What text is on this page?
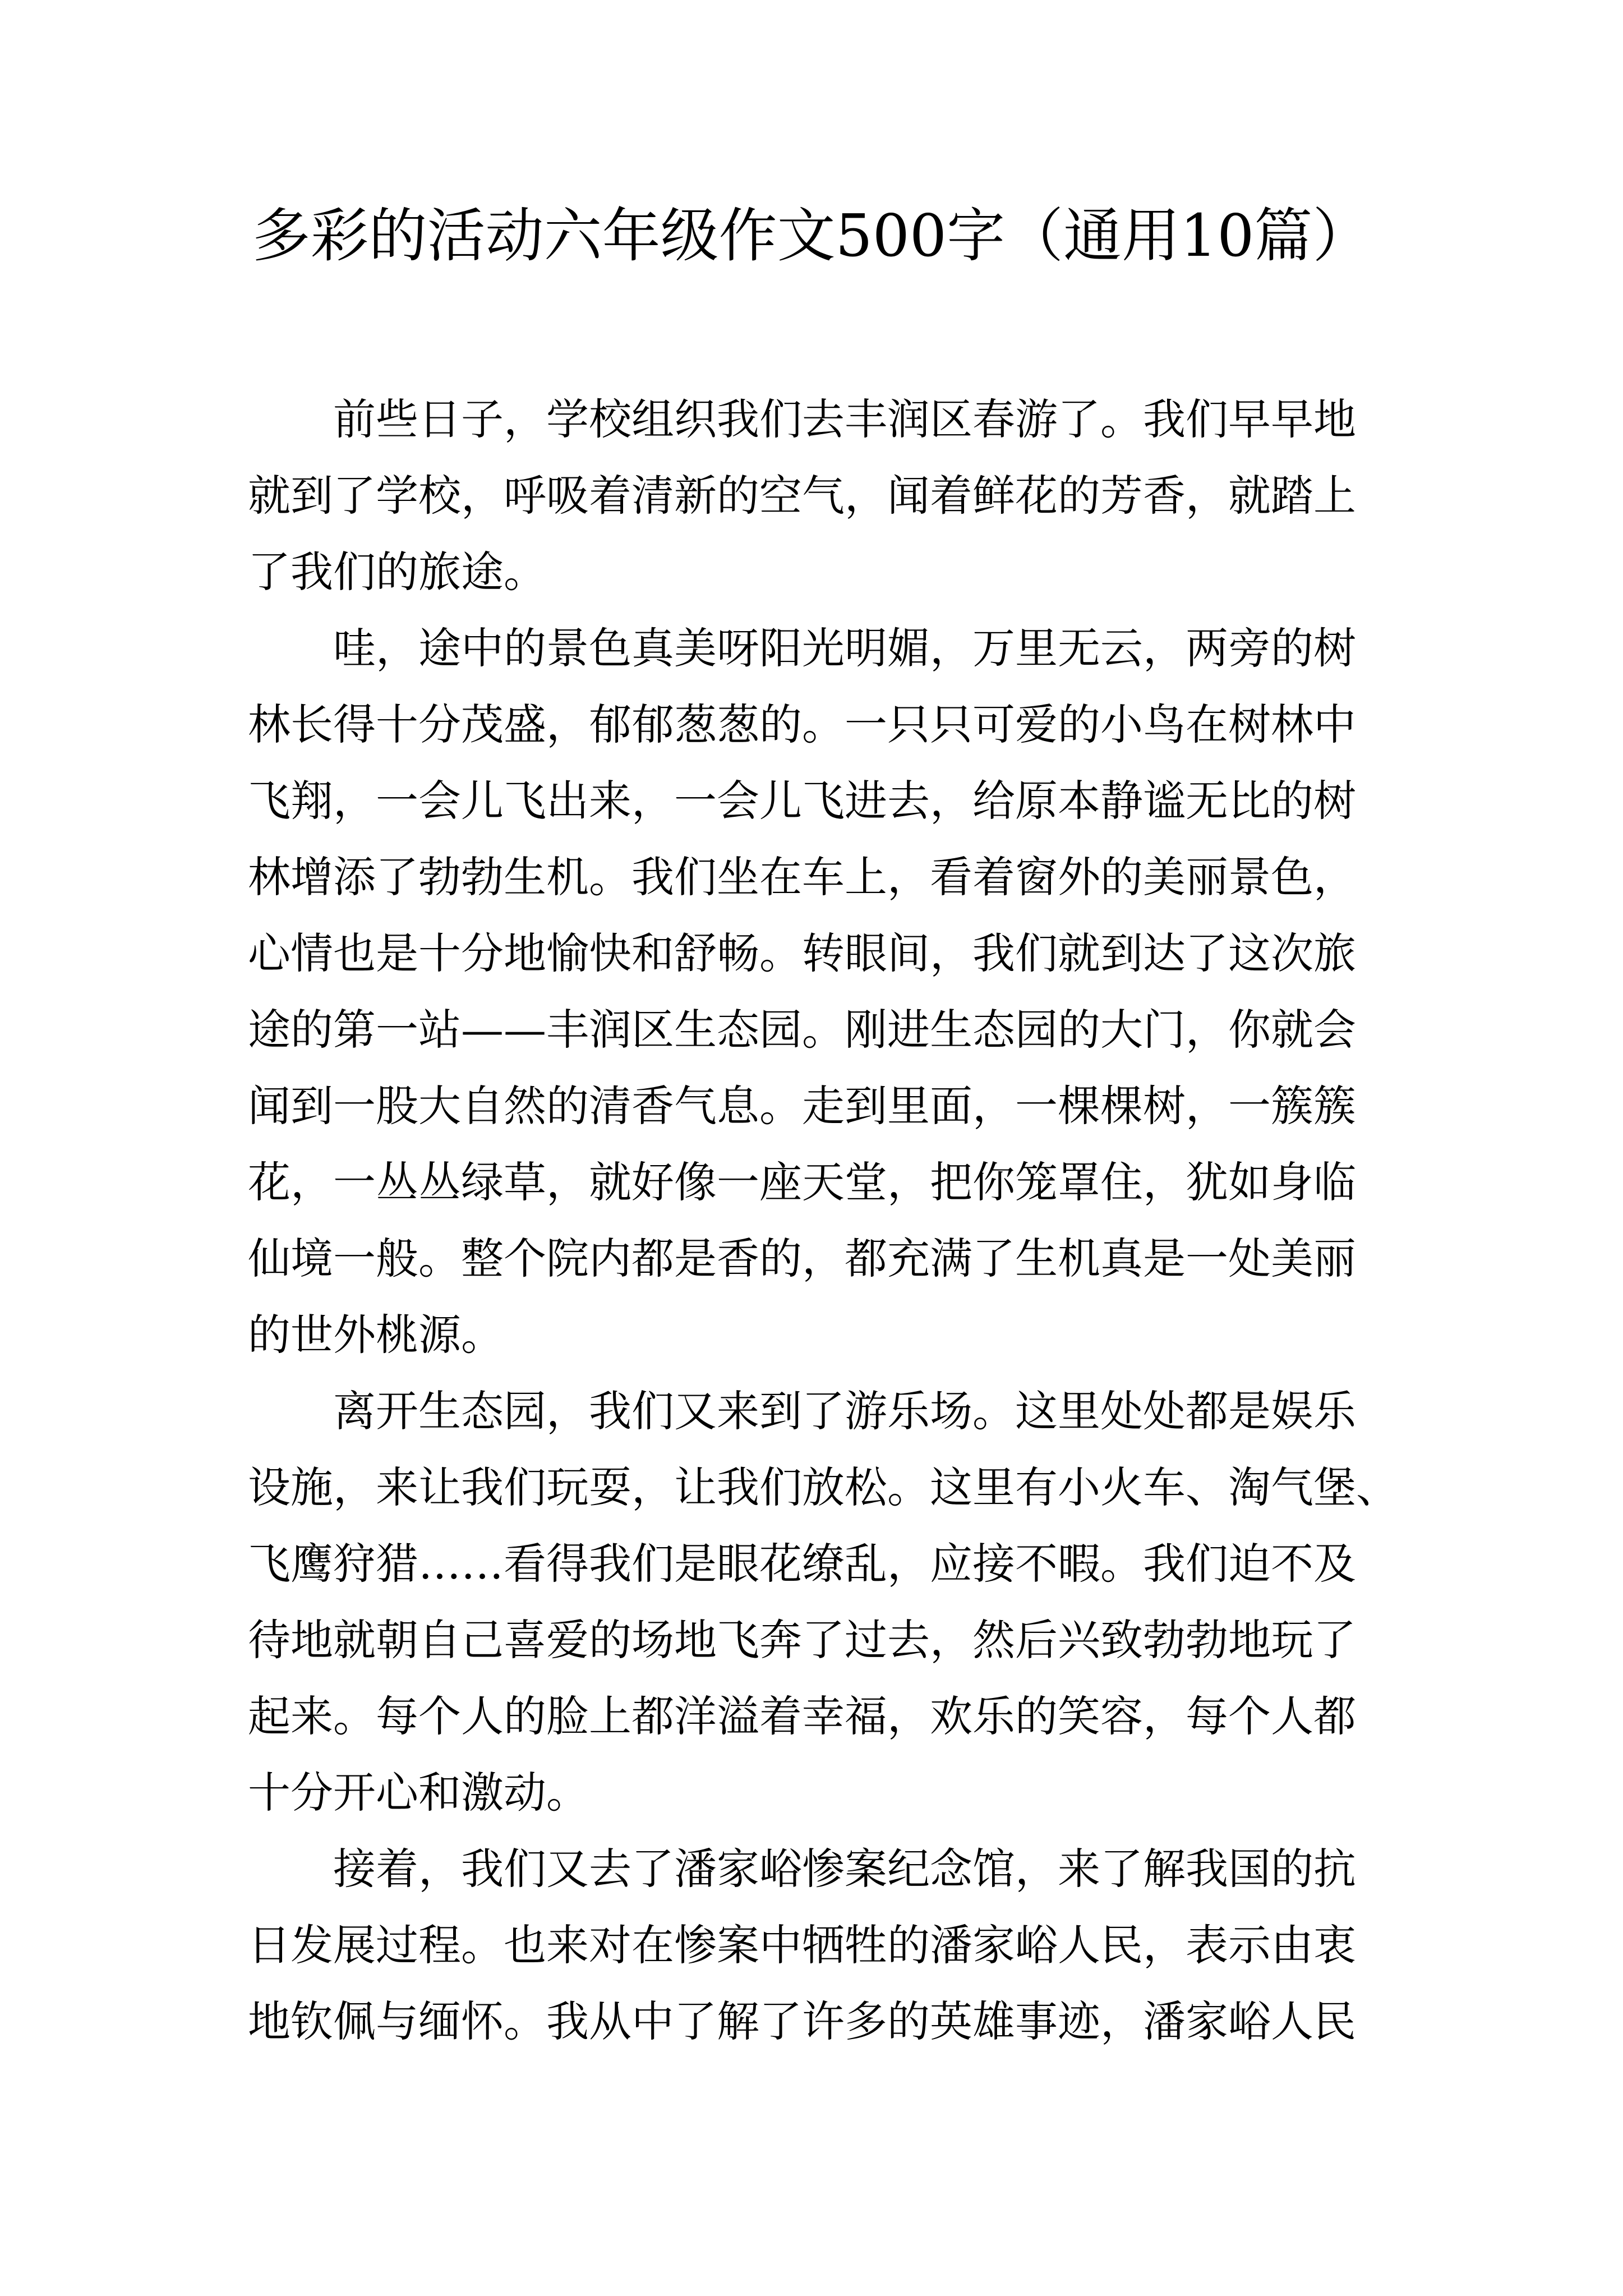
多彩的活动六年级作文500字（通用10篇）
前些日子，学校组织我们去丰润区春游了。我们早早地
就到了学校，呼吸着清新的空气，闻着鲜花的芳香，就踏上
了我们的旅途。
哇，途中的景色真美呀阳光明媚，万里无云，两旁的树
林长得十分茂盛，郁郁葱葱的。一只只可爱的小鸟在树林中
飞翔，一会儿飞出来，一会儿飞进去，给原本静谧无比的树
林增添了勃勃生机。我们坐在车上，看着窗外的美丽景色，
心情也是十分地愉快和舒畅。转眼间，我们就到达了这次旅
途的第一站——丰润区生态园。刚进生态园的大门，你就会
闻到一股大自然的清香气息。走到里面，一棵棵树，一簇簇
花，一丛丛绿草，就好像一座天堂，把你笼罩住，犹如身临
仙境一般。整个院内都是香的，都充满了生机真是一处美丽
的世外桃源。
离开生态园，我们又来到了游乐场。这里处处都是娱乐
设施，来让我们玩耍，让我们放松。这里有小火车、淘气堡、
飞鹰狩猎……看得我们是眼花缭乱，应接不暇。我们迫不及
待地就朝自己喜爱的场地飞奔了过去，然后兴致勃勃地玩了
起来。每个人的脸上都洋溢着幸福，欢乐的笑容，每个人都
十分开心和激动。
接着，我们又去了潘家峪惨案纪念馆，来了解我国的抗
日发展过程。也来对在惨案中牺牲的潘家峪人民，表示由衷
地钦佩与缅怀。我从中了解了许多的英雄事迹，潘家峪人民
